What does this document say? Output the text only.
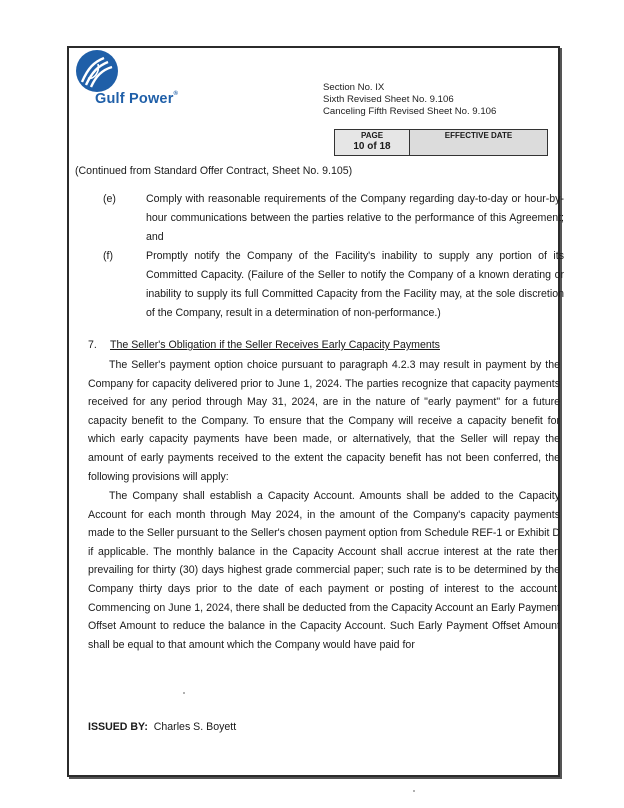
Gulf Power®
Section No. IX
Sixth Revised Sheet No. 9.106
Canceling Fifth Revised Sheet No. 9.106
PAGE
10 of 18
EFFECTIVE DATE
(Continued from Standard Offer Contract, Sheet No. 9.105)
(e)	Comply with reasonable requirements of the Company regarding day-to-day or hour-by-hour communications between the parties relative to the performance of this Agreement; and
(f)	Promptly notify the Company of the Facility's inability to supply any portion of its Committed Capacity. (Failure of the Seller to notify the Company of a known derating or inability to supply its full Committed Capacity from the Facility may, at the sole discretion of the Company, result in a determination of non-performance.)
7. The Seller's Obligation if the Seller Receives Early Capacity Payments
The Seller's payment option choice pursuant to paragraph 4.2.3 may result in payment by the Company for capacity delivered prior to June 1, 2024. The parties recognize that capacity payments received for any period through May 31, 2024, are in the nature of "early payment" for a future capacity benefit to the Company. To ensure that the Company will receive a capacity benefit for which early capacity payments have been made, or alternatively, that the Seller will repay the amount of early payments received to the extent the capacity benefit has not been conferred, the following provisions will apply:
The Company shall establish a Capacity Account. Amounts shall be added to the Capacity Account for each month through May 2024, in the amount of the Company's capacity payments made to the Seller pursuant to the Seller's chosen payment option from Schedule REF-1 or Exhibit D if applicable. The monthly balance in the Capacity Account shall accrue interest at the rate then prevailing for thirty (30) days highest grade commercial paper; such rate is to be determined by the Company thirty days prior to the date of each payment or posting of interest to the account. Commencing on June 1, 2024, there shall be deducted from the Capacity Account an Early Payment Offset Amount to reduce the balance in the Capacity Account. Such Early Payment Offset Amount shall be equal to that amount which the Company would have paid for
ISSUED BY: Charles S. Boyett
